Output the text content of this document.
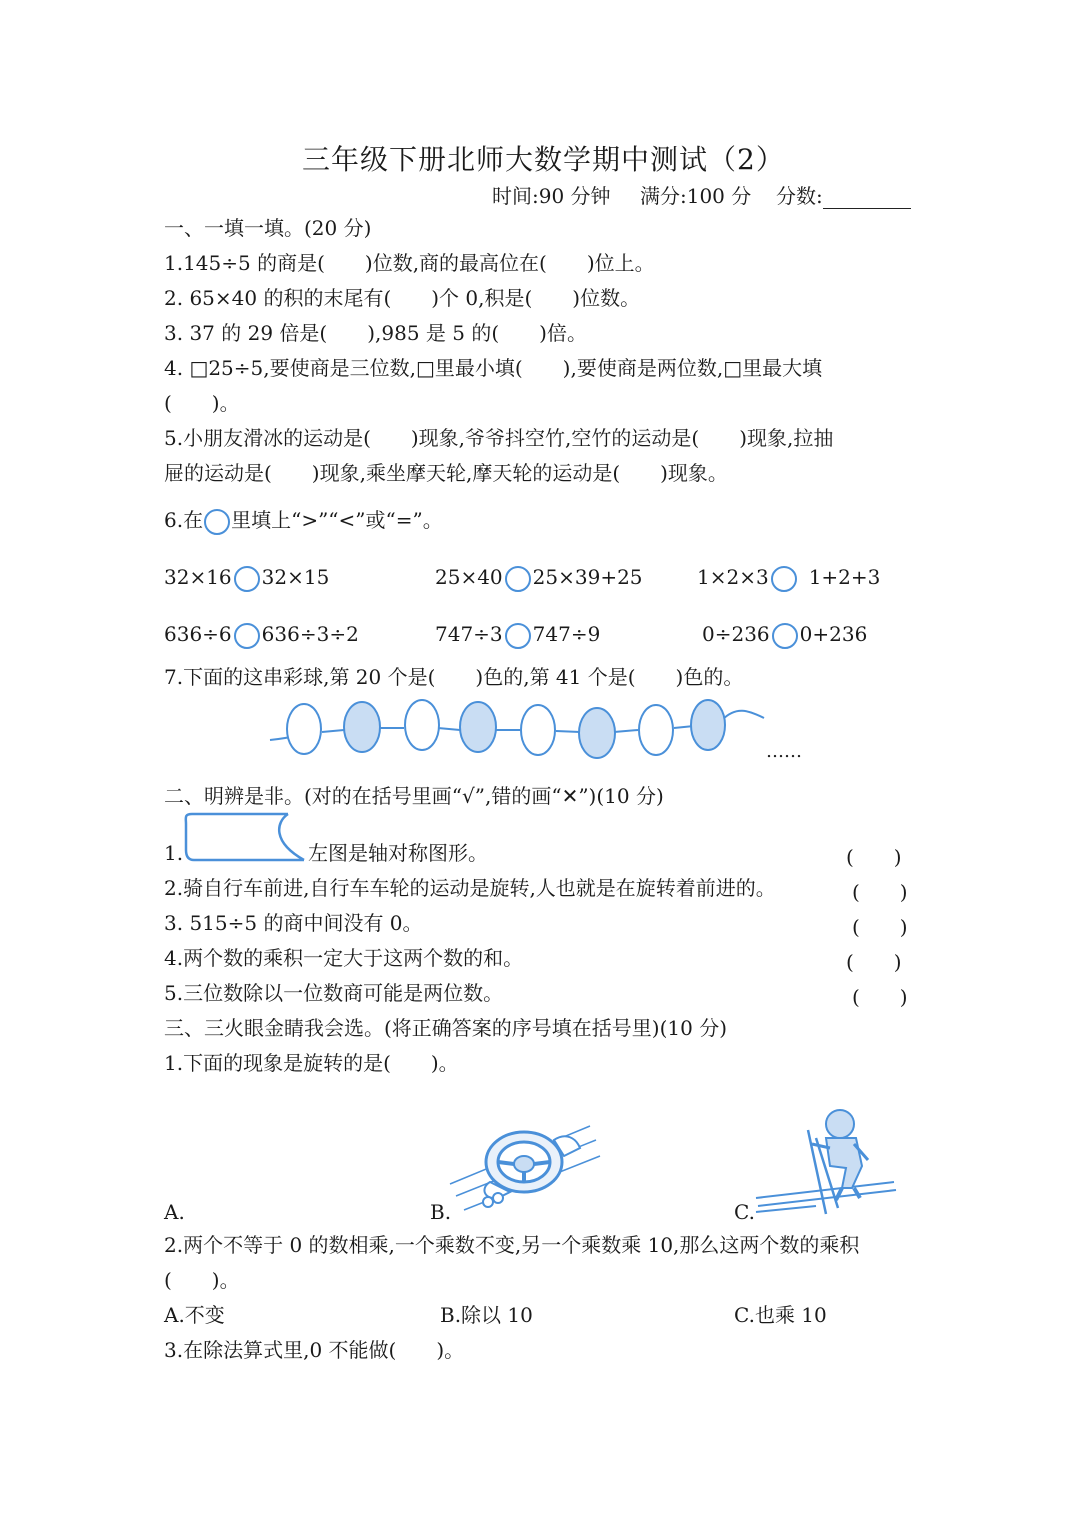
三年级下册北师大数学期中测试（2）
时间:90 分钟 满分:100 分 分数:
一、一填一填。(20 分)
1.145÷5 的商是(　　)位数,商的最高位在(　　)位上。
2. 65×40 的积的末尾有(　　)个 0,积是(　　)位数。
3. 37 的 29 倍是(　　),985 是 5 的(　　)倍。
4. □25÷5,要使商是三位数,□里最小填(　　),要使商是两位数,□里最大填
(　　)。
5.小朋友滑冰的运动是(　　)现象,爷爷抖空竹,空竹的运动是(　　)现象,拉抽
屉的运动是(　　)现象,乘坐摩天轮,摩天轮的运动是(　　)现象。
6.在 里填上“>”“<”或“=”。
32×16 32×15	25×40 25×39+25	1×2×3 1+2+3
636÷6 636÷3÷2	747÷3 747÷9	0÷236 0+236
7.下面的这串彩球,第 20 个是(　　)色的,第 41 个是(　　)色的。
……
二、明辨是非。(对的在括号里画“√”,错的画“✕”)(10 分)
1.	左图是轴对称图形。	(　　)
2.骑自行车前进,自行车车轮的运动是旋转,人也就是在旋转着前进的。	(　　)
3. 515÷5 的商中间没有 0。	(　　)
4.两个数的乘积一定大于这两个数的和。	(　　)
5.三位数除以一位数商可能是两位数。	(　　)
三、三火眼金睛我会选。(将正确答案的序号填在括号里)(10 分)
1.下面的现象是旋转的是(　　)。
A.	B.	C.
2.两个不等于 0 的数相乘,一个乘数不变,另一个乘数乘 10,那么这两个数的乘积
(　　)。
A.不变	B.除以 10	C.也乘 10
3.在除法算式里,0 不能做(　　)。
